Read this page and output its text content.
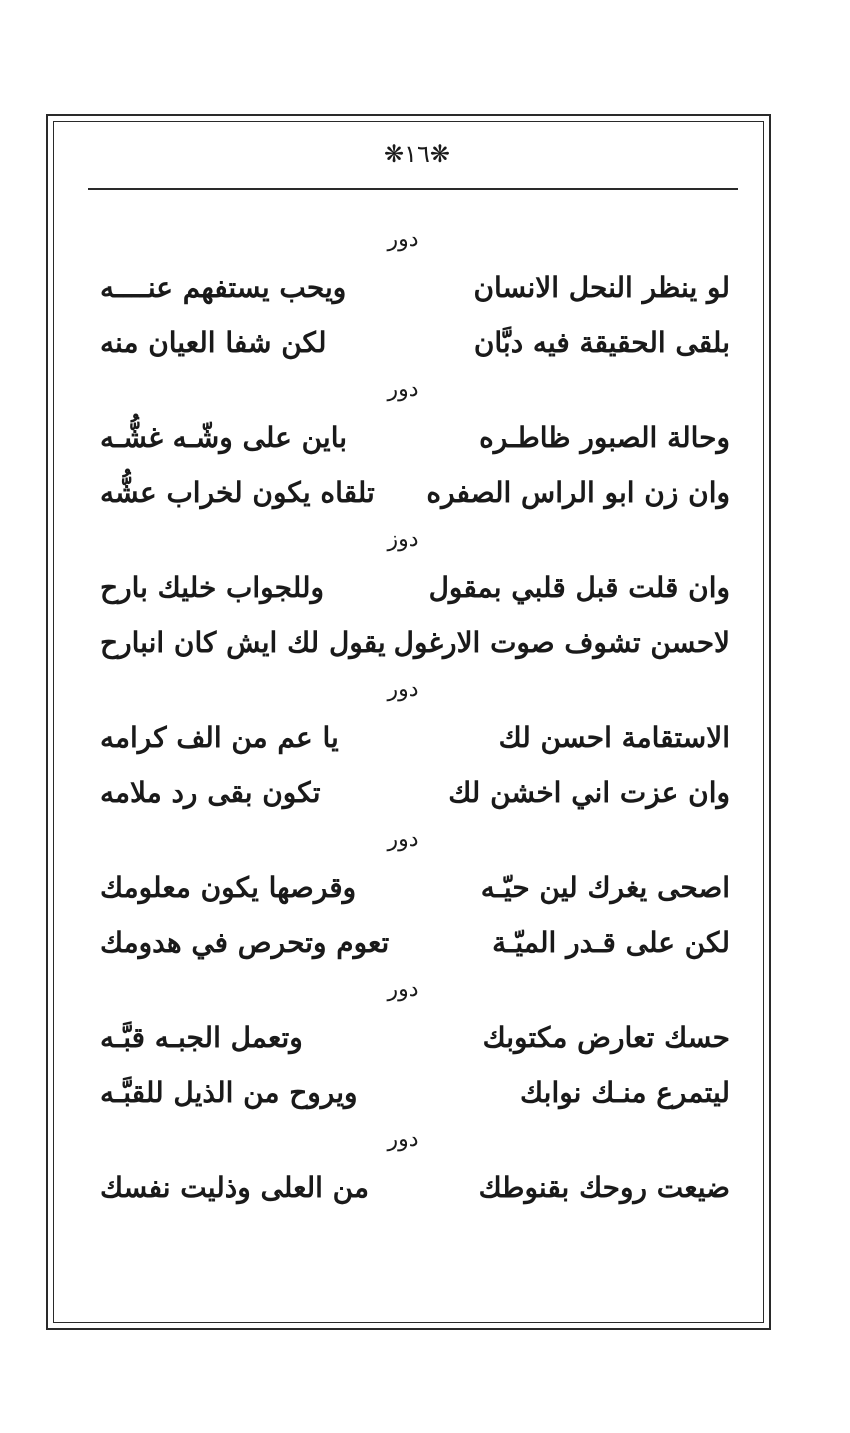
❋١٦❋
دور
لو ينظر النحل الانسان
ويحب يستفهم عنــــه
بلقى الحقيقة فيه دبَّان
لكن شفا العيان منه
دور
وحالة الصبور ظاطـره
باين على وشّـه غشُّـه
وان زن ابو الراس الصفره
تلقاه يكون لخراب عشُّه
دوز
وان قلت قبل قلبي بمقول
وللجواب خليك بارح
لاحسن تشوف صوت الارغول
يقول لك ايش كان انبارح
دور
الاستقامة احسن لك
يا عم من الف كرامه
وان عزت اني اخشن لك
تكون بقى رد ملامه
دور
اصحى يغرك لين حيّـه
وقرصها يكون معلومك
لكن على قـدر الميّـة
تعوم وتحرص في هدومك
دور
حسك تعارض مكتوبك
وتعمل الجبـه قبَّـه
ليتمرع منـك نوابك
ويروح من الذيل للقبَّـه
دور
ضيعت روحك بقنوطك
من العلى وذليت نفسك
